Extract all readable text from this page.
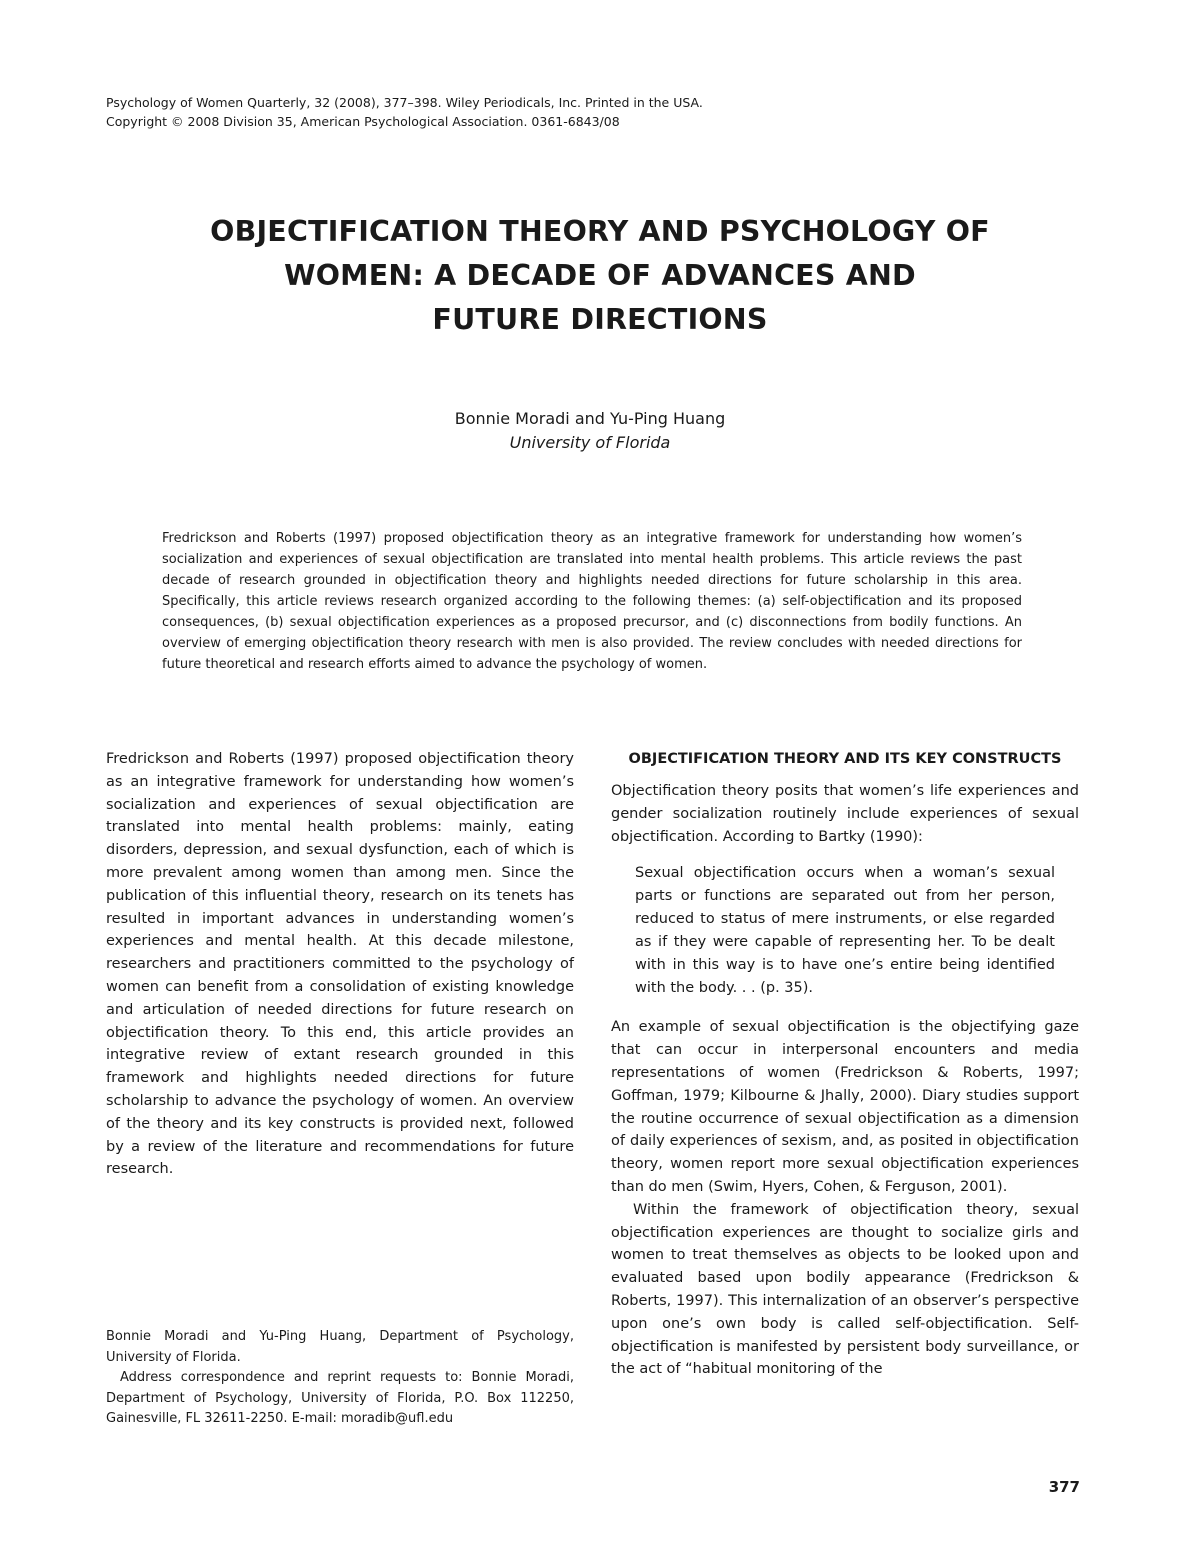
Psychology of Women Quarterly, 32 (2008), 377–398. Wiley Periodicals, Inc. Printed in the USA.
Copyright © 2008 Division 35, American Psychological Association. 0361-6843/08
OBJECTIFICATION THEORY AND PSYCHOLOGY OF
WOMEN: A DECADE OF ADVANCES AND
FUTURE DIRECTIONS
Bonnie Moradi and Yu-Ping Huang
University of Florida
Fredrickson and Roberts (1997) proposed objectification theory as an integrative framework for understanding how women’s socialization and experiences of sexual objectification are translated into mental health problems. This article reviews the past decade of research grounded in objectification theory and highlights needed directions for future scholarship in this area. Specifically, this article reviews research organized according to the following themes: (a) self-objectification and its proposed consequences, (b) sexual objectification experiences as a proposed precursor, and (c) disconnections from bodily functions. An overview of emerging objectification theory research with men is also provided. The review concludes with needed directions for future theoretical and research efforts aimed to advance the psychology of women.

Fredrickson and Roberts (1997) proposed objectification theory as an integrative framework for understanding how women’s socialization and experiences of sexual objectification are translated into mental health problems: mainly, eating disorders, depression, and sexual dysfunction, each of which is more prevalent among women than among men. Since the publication of this influential theory, research on its tenets has resulted in important advances in understanding women’s experiences and mental health. At this decade milestone, researchers and practitioners committed to the psychology of women can benefit from a consolidation of existing knowledge and articulation of needed directions for future research on objectification theory. To this end, this article provides an integrative review of extant research grounded in this framework and highlights needed directions for future scholarship to advance the psychology of women. An overview of the theory and its key constructs is provided next, followed by a review of the literature and recommendations for future research.

Bonnie Moradi and Yu-Ping Huang, Department of Psychology, University of Florida.

Address correspondence and reprint requests to: Bonnie Moradi, Department of Psychology, University of Florida, P.O. Box 112250, Gainesville, FL 32611-2250. E-mail: moradib@ufl.edu

OBJECTIFICATION THEORY AND ITS KEY CONSTRUCTS

Objectification theory posits that women’s life experiences and gender socialization routinely include experiences of sexual objectification. According to Bartky (1990):

Sexual objectification occurs when a woman’s sexual parts or functions are separated out from her person, reduced to status of mere instruments, or else regarded as if they were capable of representing her. To be dealt with in this way is to have one’s entire being identified with the body. . . (p. 35).

An example of sexual objectification is the objectifying gaze that can occur in interpersonal encounters and media representations of women (Fredrickson & Roberts, 1997; Goffman, 1979; Kilbourne & Jhally, 2000). Diary studies support the routine occurrence of sexual objectification as a dimension of daily experiences of sexism, and, as posited in objectification theory, women report more sexual objectification experiences than do men (Swim, Hyers, Cohen, & Ferguson, 2001).

Within the framework of objectification theory, sexual objectification experiences are thought to socialize girls and women to treat themselves as objects to be looked upon and evaluated based upon bodily appearance (Fredrickson & Roberts, 1997). This internalization of an observer’s perspective upon one’s own body is called self-objectification. Self-objectification is manifested by persistent body surveillance, or the act of “habitual monitoring of the

377
